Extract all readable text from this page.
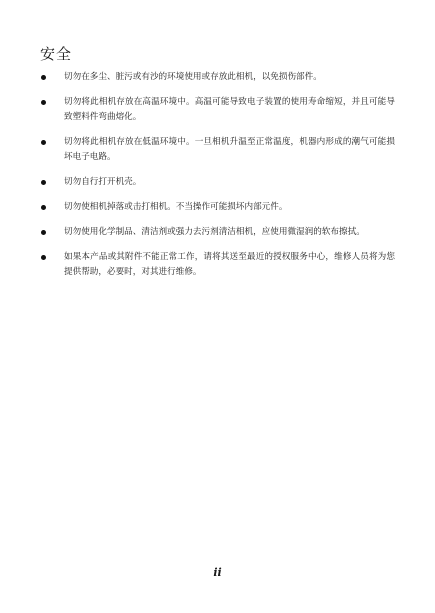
安全
切勿在多尘、脏污或有沙的环境使用或存放此相机，以免损伤部件。
切勿将此相机存放在高温环境中。高温可能导致电子装置的使用寿命缩短，并且可能导致塑料件弯曲熔化。
切勿将此相机存放在低温环境中。一旦相机升温至正常温度，机器内形成的潮气可能损坏电子电路。
切勿自行打开机壳。
切勿使相机掉落或击打相机。不当操作可能损坏内部元件。
切勿使用化学制品、清洁剂或强力去污剂清洁相机，应使用微湿润的软布擦拭。
如果本产品或其附件不能正常工作，请将其送至最近的授权服务中心，维修人员将为您提供帮助，必要时，对其进行维修。
ii
